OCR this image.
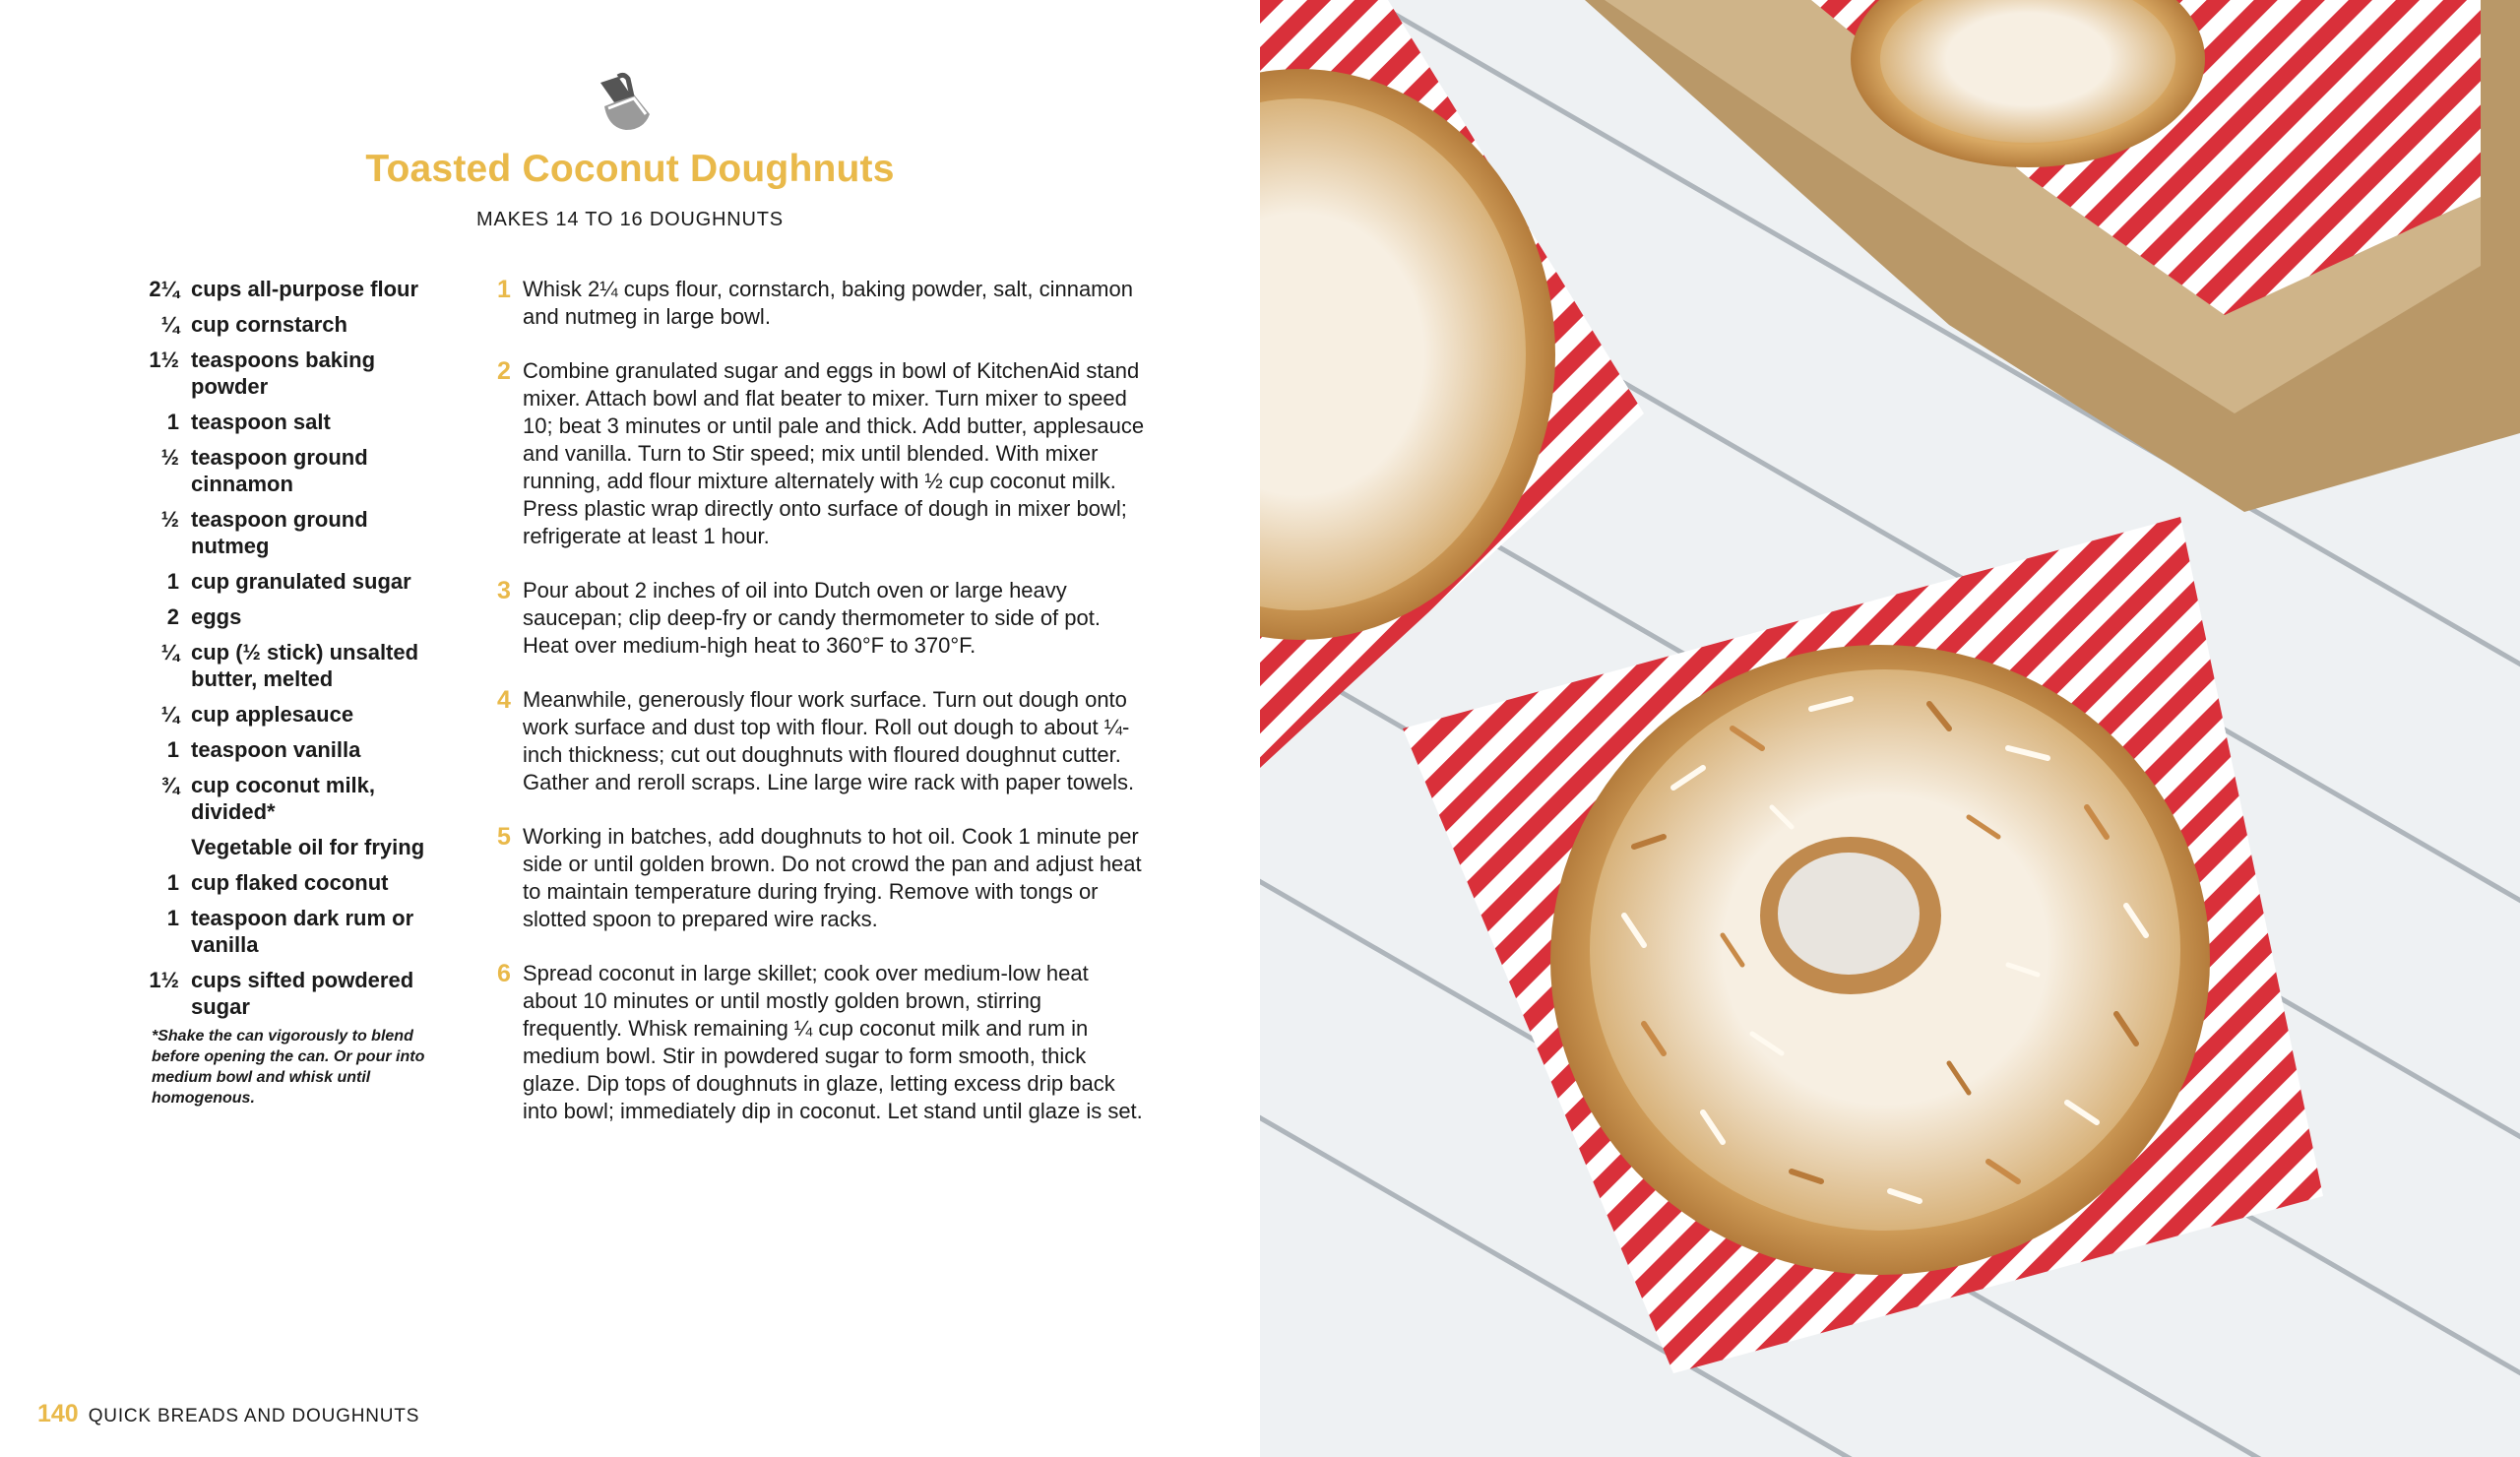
Toasted Coconut Doughnuts
MAKES 14 TO 16 DOUGHNUTS
2¼ cups all-purpose flour
¼ cup cornstarch
1½ teaspoons baking powder
1 teaspoon salt
½ teaspoon ground cinnamon
½ teaspoon ground nutmeg
1 cup granulated sugar
2 eggs
¼ cup (½ stick) unsalted butter, melted
¼ cup applesauce
1 teaspoon vanilla
¾ cup coconut milk, divided*
Vegetable oil for frying
1 cup flaked coconut
1 teaspoon dark rum or vanilla
1½ cups sifted powdered sugar
*Shake the can vigorously to blend before opening the can. Or pour into medium bowl and whisk until homogenous.
1 Whisk 2¼ cups flour, cornstarch, baking powder, salt, cinnamon and nutmeg in large bowl.
2 Combine granulated sugar and eggs in bowl of KitchenAid stand mixer. Attach bowl and flat beater to mixer. Turn mixer to speed 10; beat 3 minutes or until pale and thick. Add butter, applesauce and vanilla. Turn to Stir speed; mix until blended. With mixer running, add flour mixture alternately with ½ cup coconut milk. Press plastic wrap directly onto surface of dough in mixer bowl; refrigerate at least 1 hour.
3 Pour about 2 inches of oil into Dutch oven or large heavy saucepan; clip deep-fry or candy thermometer to side of pot. Heat over medium-high heat to 360°F to 370°F.
4 Meanwhile, generously flour work surface. Turn out dough onto work surface and dust top with flour. Roll out dough to about ¼-inch thickness; cut out doughnuts with floured doughnut cutter. Gather and reroll scraps. Line large wire rack with paper towels.
5 Working in batches, add doughnuts to hot oil. Cook 1 minute per side or until golden brown. Do not crowd the pan and adjust heat to maintain temperature during frying. Remove with tongs or slotted spoon to prepared wire racks.
6 Spread coconut in large skillet; cook over medium-low heat about 10 minutes or until mostly golden brown, stirring frequently. Whisk remaining ¼ cup coconut milk and rum in medium bowl. Stir in powdered sugar to form smooth, thick glaze. Dip tops of doughnuts in glaze, letting excess drip back into bowl; immediately dip in coconut. Let stand until glaze is set.
140 QUICK BREADS AND DOUGHNUTS
